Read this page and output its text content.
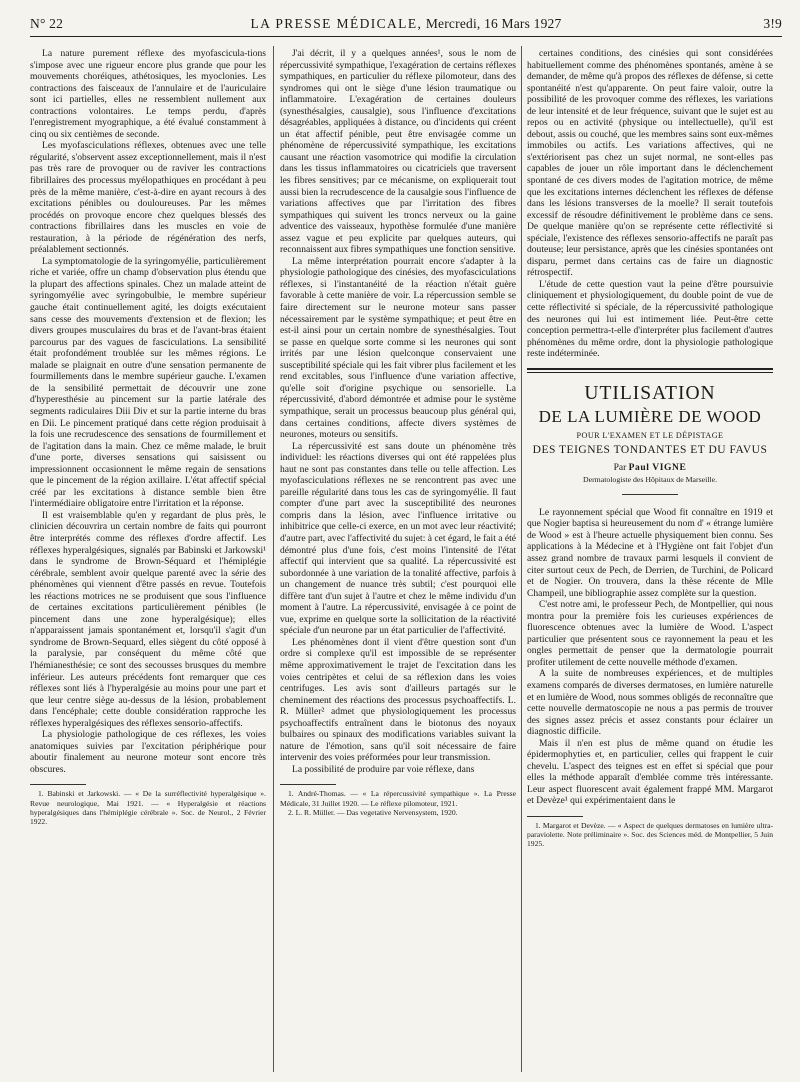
N° 22	LA PRESSE MÉDICALE, Mercredi, 16 Mars 1927	3!9

La nature purement réflexe des myofascicula-tions s'impose avec une rigueur encore plus grande que pour les mouvements choréiques, athétosiques, les myoclonies. Les contractions des faisceaux de l'annulaire et de l'auriculaire sont ici partielles, elles ne ressemblent nullement aux contractions volontaires. Le temps perdu, d'après l'enregistrement myographique, a été évalué constamment à cinq ou six centièmes de seconde.

Les myofasciculations réflexes, obtenues avec une telle régularité, s'observent assez exceptionnellement, mais il n'est pas très rare de provoquer ou de raviver les contractions fibrillaires des processus myélopathiques en procédant à peu près de la même manière, c'est-à-dire en ayant recours à des excitations pénibles ou douloureuses. Par les mêmes procédés on provoque encore chez quelques blessés des contractions fibrillaires dans les muscles en voie de restauration, à la période de régénération des nerfs, préalablement sectionnés.

La symptomatologie de la syringomyélie, particulièrement riche et variée, offre un champ d'observation plus étendu que la plupart des affections spinales. Chez un malade atteint de syringomyélie avec syringobulbie, le membre supérieur gauche était continuellement agité, les doigts exécutaient sans cesse des mouvements d'extension et de flexion; les divers groupes musculaires du bras et de l'avant-bras étaient parcourus par des vagues de fasciculations. La sensibilité était profondément troublée sur les mêmes régions. Le malade se plaignait en outre d'une sensation permanente de fourmillements dans le membre supérieur gauche. L'examen de la sensibilité permettait de découvrir une zone d'hyperesthésie au pincement sur la partie latérale des segments radiculaires Diii Div et sur la partie interne du bras en Dii. Le pincement pratiqué dans cette région produisait à la fois une recrudescence des sensations de fourmillement et de l'agitation dans la main. Chez ce même malade, le bruit d'une porte, diverses sensations qui saisissent ou impressionnent occasionnent le même regain de sensations que le pincement de la région axillaire. L'état affectif spécial créé par les excitations à distance semble bien être l'intermédiaire obligatoire entre l'irritation et la réponse.

Il est vraisemblable qu'en y regardant de plus près, le clinicien découvrira un certain nombre de faits qui pourront être interprétés comme des réflexes d'ordre affectif. Les réflexes hyperalgésiques, signalés par Babinski et Jarkowski¹ dans le syndrome de Brown-Séquard et l'hémiplégie cérébrale, semblent avoir quelque parenté avec la série des phénomènes qui viennent d'être passés en revue. Toutefois les réactions motrices ne se produisent que sous l'influence de certaines excitations particulièrement pénibles (le pincement dans une zone hyperalgésique); elles n'apparaissent jamais spontanément et, lorsqu'il s'agit d'un syndrome de Brown-Sequard, elles siègent du côté opposé à la paralysie, par conséquent du même côté que l'hémianesthésie; ce sont des secousses brusques du membre inférieur. Les auteurs précédents font remarquer que ces réflexes sont liés à l'hyperalgésie au moins pour une part et que leur centre siège au-dessus de la lésion, probablement dans l'encéphale; cette double considération rapproche les réflexes hyperalgésiques des réflexes sensorio-affectifs.

La physiologie pathologique de ces réflexes, les voies anatomiques suivies par l'excitation périphérique pour aboutir finalement au neurone moteur sont encore très obscures.

1. Babinski et Jarkowski. — « De la surréflectivité hyperalgésique ». Revue neurologique, Mai 1921. — « Hyperalgésie et réactions hyperalgésiques dans l'hémiplégie cérébrale ». Soc. de Neurol., 2 Février 1922.

J'ai décrit, il y a quelques années¹, sous le nom de répercussivité sympathique, l'exagération de certains réflexes sympathiques, en particulier du réflexe pilomoteur, dans des syndromes qui ont le siège d'une lésion traumatique ou inflammatoire. L'exagération de certaines douleurs (synesthésalgies, causalgie), sous l'influence d'excitations désagréables, appliquées à distance, ou d'incidents qui créent un état affectif pénible, peut être envisagée comme un phénomène de répercussivité sympathique, les excitations causant une réaction vasomotrice qui modifie la circulation dans les tissus inflammatoires ou cicatriciels que traversent les fibres sensitives; par ce mécanisme, on expliquerait tout aussi bien la recrudescence de la causalgie sous l'influence de variations affectives que par l'irritation des fibres sympathiques qui suivent les troncs nerveux ou la gaine adventice des vaisseaux, hypothèse formulée d'une manière assez vague et peu explicite par quelques auteurs, qui reconnaissent aux fibres sympathiques une fonction sensitive.

La même interprétation pourrait encore s'adapter à la physiologie pathologique des cinésies, des myofasciculations réflexes, si l'instantanéité de la réaction n'était guère favorable à cette manière de voir. La répercussion semble se faire directement sur le neurone moteur sans passer nécessairement par le système sympathique; et peut être en est-il ainsi pour un certain nombre de synesthésalgies. Tout se passe en quelque sorte comme si les neurones qui sont irrités par une lésion quelconque conservaient une susceptibilité spéciale qui les fait vibrer plus facilement et les rend excitables, sous l'influence d'une variation affective, qu'elle soit d'origine psychique ou sensorielle. La répercussivité, d'abord démontrée et admise pour le système sympathique, serait un processus beaucoup plus général qui, dans certaines conditions, affecte divers systèmes de neurones, moteurs ou sensitifs.

La répercussivité est sans doute un phénomène très individuel: les réactions diverses qui ont été rappelées plus haut ne sont pas constantes dans telle ou telle affection. Les myofasciculations réflexes ne se rencontrent pas avec une pareille régularité dans tous les cas de syringomyélie. Il faut compter d'une part avec la susceptibilité des neurones compris dans la lésion, avec l'influence irritative ou inhibitrice que celle-ci exerce, en un mot avec leur réactivité; d'autre part, avec l'affectivité du sujet: à cet égard, le fait a été démontré plus d'une fois, c'est moins l'intensité de l'état affectif qui intervient que sa qualité. La répercussivité est subordonnée à une variation de la tonalité affective, parfois à un changement de nuance très subtil; c'est pourquoi elle diffère tant d'un sujet à l'autre et chez le même individu d'un moment à l'autre. La répercussivité, envisagée à ce point de vue, exprime en quelque sorte la sollicitation de la réactivité spéciale d'un neurone par un état particulier de l'affectivité.

Les phénomènes dont il vient d'être question sont d'un ordre si complexe qu'il est impossible de se représenter même approximativement le trajet de l'excitation dans les voies centripètes et celui de sa réflexion dans les voies centrifuges. Les avis sont d'ailleurs partagés sur le cheminement des réactions des processus psychoaffectifs. L. R. Müller² admet que physiologiquement les processus psychoaffectifs entraînent dans le biotonus des noyaux bulbaires ou spinaux des modifications variables suivant la nature de l'émotion, sans qu'il soit nécessaire de faire intervenir des voies préformées pour leur transmission.

La possibilité de produire par voie réflexe, dans

1. André-Thomas. — « La répercussivité sympathique ». La Presse Médicale, 31 Juillet 1920. — Le réflexe pilomoteur, 1921.

2. L. R. Müller. — Das vegetative Nervensystem, 1920.

certaines conditions, des cinésies qui sont considérées habituellement comme des phénomènes spontanés, amène à se demander, de même qu'à propos des réflexes de défense, si cette spontanéité n'est qu'apparente. On peut faire valoir, outre la possibilité de les provoquer comme des réflexes, les variations de leur intensité et de leur fréquence, suivant que le sujet est au repos ou en activité (physique ou intellectuelle), qu'il est debout, assis ou couché, que les membres sains sont eux-mêmes immobiles ou actifs. Les variations affectives, qui ne s'extériorisent pas chez un sujet normal, ne sont-elles pas capables de jouer un rôle important dans le déclenchement spontané de ces divers modes de l'agitation motrice, de même que les excitations internes déclenchent les réflexes de défense dans les lésions transverses de la moelle? Il serait toutefois excessif de résoudre définitivement le problème dans ce sens. De quelque manière qu'on se représente cette réflectivité si spéciale, l'existence des réflexes sensorio-affectifs ne paraît pas douteuse; leur persistance, après que les cinésies spontanées ont disparu, permet dans certains cas de faire un diagnostic rétrospectif.

L'étude de cette question vaut la peine d'être poursuivie cliniquement et physiologiquement, du double point de vue de cette réflectivité si spéciale, de la répercussivité pathologique des neurones qui lui est intimement liée. Peut-être cette conception permettra-t-elle d'interpréter plus facilement d'autres phénomènes du même ordre, dont la physiologie pathologique reste indéterminée.

UTILISATION
DE LA LUMIÈRE DE WOOD
POUR L'EXAMEN ET LE DÉPISTAGE
DES TEIGNES TONDANTES ET DU FAVUS
Par Paul VIGNE
Dermatologiste des Hôpitaux de Marseille.

Le rayonnement spécial que Wood fit connaître en 1919 et que Nogier baptisa si heureusement du nom d' « étrange lumière de Wood » est à l'heure actuelle physiquement bien connu. Ses applications à la Médecine et à l'Hygiène ont fait l'objet d'un assez grand nombre de travaux parmi lesquels il convient de citer surtout ceux de Pech, de Derrien, de Turchini, de Policard et de Nogier. On trouvera, dans la thèse récente de Mlle Champeil, une bibliographie assez complète sur la question.

C'est notre ami, le professeur Pech, de Montpellier, qui nous montra pour la première fois les curieuses expériences de fluorescence obtenues avec la lumière de Wood. L'aspect particulier que présentent sous ce rayonnement la peau et les ongles permettait de penser que la dermatologie pourrait profiter utilement de cette nouvelle méthode d'examen.

A la suite de nombreuses expériences, et de multiples examens comparés de diverses dermatoses, en lumière naturelle et en lumière de Wood, nous sommes obligés de reconnaître que cette nouvelle dermatoscopie ne nous a pas permis de trouver des signes assez précis et assez constants pour éclairer un diagnostic difficile.

Mais il n'en est plus de même quand on étudie les épidermophyties et, en particulier, celles qui frappent le cuir chevelu. L'aspect des teignes est en effet si spécial que pour elles la méthode apparaît d'emblée comme très intéressante. Leur aspect fluorescent avait également frappé MM. Margarot et Devèze¹ qui expérimentaient dans le

1. Margarot et Devèze. — « Aspect de quelques dermatoses en lumière ultra-paraviolette. Note préliminaire ». Soc. des Sciences méd. de Montpellier, 5 Juin 1925.
